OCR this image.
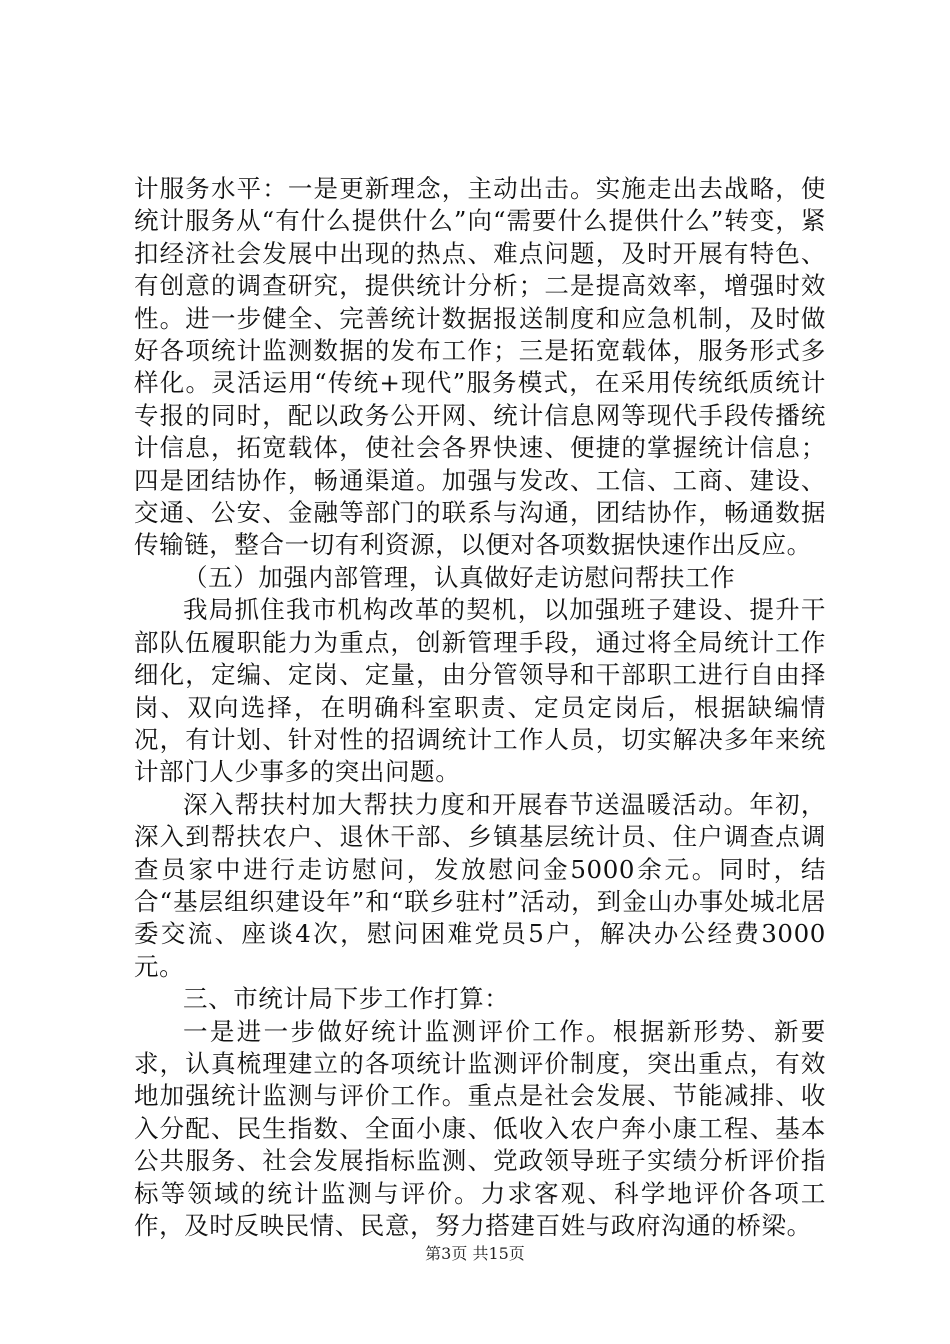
计服务水平：一是更新理念，主动出击。实施走出去战略，使统计服务从“有什么提供什么”向“需要什么提供什么”转变，紧扣经济社会发展中出现的热点、难点问题，及时开展有特色、有创意的调查研究，提供统计分析；二是提高效率，增强时效性。进一步健全、完善统计数据报送制度和应急机制，及时做好各项统计监测数据的发布工作；三是拓宽载体，服务形式多样化。灵活运用“传统+现代”服务模式，在采用传统纸质统计专报的同时，配以政务公开网、统计信息网等现代手段传播统计信息，拓宽载体，使社会各界快速、便捷的掌握统计信息；四是团结协作，畅通渠道。加强与发改、工信、工商、建设、交通、公安、金融等部门的联系与沟通，团结协作，畅通数据传输链，整合一切有利资源，以便对各项数据快速作出反应。

（五）加强内部管理，认真做好走访慰问帮扶工作

我局抓住我市机构改革的契机，以加强班子建设、提升干部队伍履职能力为重点，创新管理手段，通过将全局统计工作细化，定编、定岗、定量，由分管领导和干部职工进行自由择岗、双向选择，在明确科室职责、定员定岗后，根据缺编情况，有计划、针对性的招调统计工作人员，切实解决多年来统计部门人少事多的突出问题。

深入帮扶村加大帮扶力度和开展春节送温暖活动。年初，深入到帮扶农户、退休干部、乡镇基层统计员、住户调查点调查员家中进行走访慰问，发放慰问金5000余元。同时，结合“基层组织建设年”和“联乡驻村”活动，到金山办事处城北居委交流、座谈4次，慰问困难党员5户，解决办公经费3000元。

三、市统计局下步工作打算：

一是进一步做好统计监测评价工作。根据新形势、新要求，认真梳理建立的各项统计监测评价制度，突出重点，有效地加强统计监测与评价工作。重点是社会发展、节能减排、收入分配、民生指数、全面小康、低收入农户奔小康工程、基本公共服务、社会发展指标监测、党政领导班子实绩分析评价指标等领域的统计监测与评价。力求客观、科学地评价各项工作，及时反映民情、民意，努力搭建百姓与政府沟通的桥梁。

第3页 共15页
